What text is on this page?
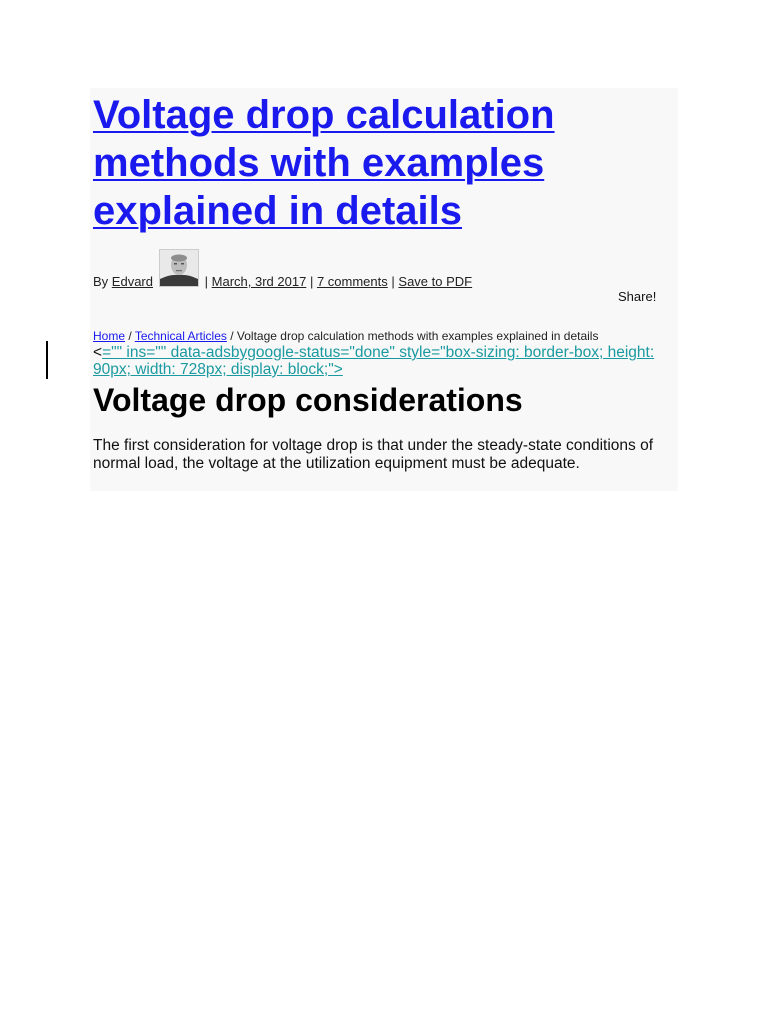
Voltage drop calculation methods with examples explained in details
By Edvard	| March, 3rd 2017 | 7 comments | Save to PDF
Share!
Home / Technical Articles / Voltage drop calculation methods with examples explained in details
<="" ins="" data-adsbygoogle-status="done" style="box-sizing: border-box; height: 90px; width: 728px; display: block;">
Voltage drop considerations

The first consideration for voltage drop is that under the steady-state conditions of normal load, the voltage at the utilization equipment must be adequate.
